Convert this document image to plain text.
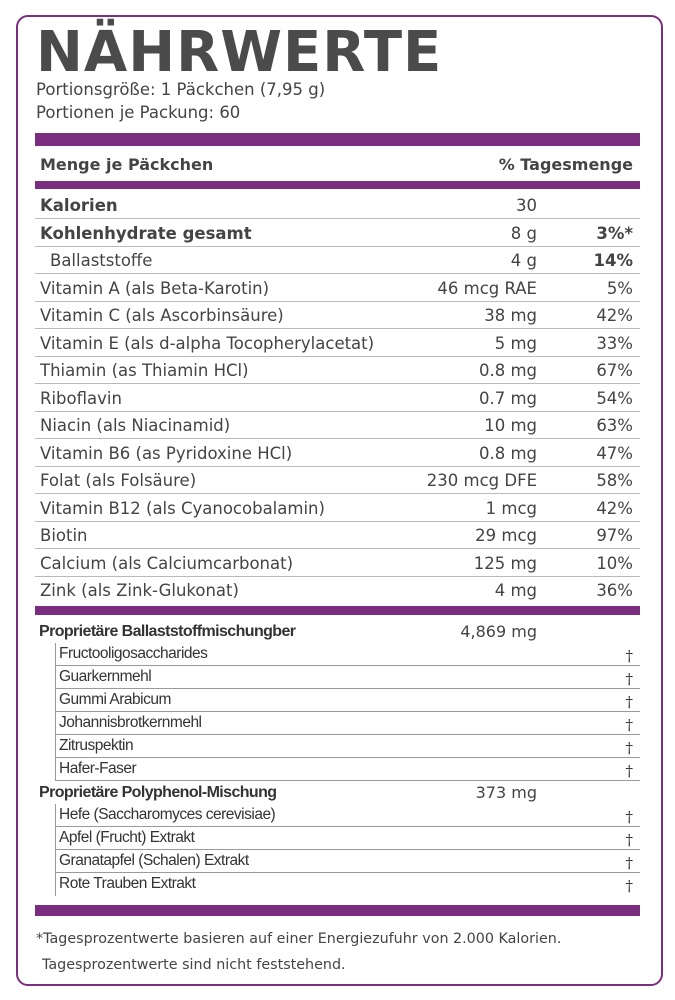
NÄHRWERTE
Portionsgröße: 1 Päckchen (7,95 g)
Portionen je Packung: 60
Menge je Päckchen	% Tagesmenge
Kalorien	30
Kohlenhydrate gesamt	8 g	3%*
Ballaststoffe	4 g	14%
Vitamin A (als Beta-Karotin)	46 mcg RAE	5%
Vitamin C (als Ascorbinsäure)	38 mg	42%
Vitamin E (als d-alpha Tocopherylacetat)	5 mg	33%
Thiamin (as Thiamin HCl)	0.8 mg	67%
Riboflavin	0.7 mg	54%
Niacin (als Niacinamid)	10 mg	63%
Vitamin B6 (as Pyridoxine HCl)	0.8 mg	47%
Folat (als Folsäure)	230 mcg DFE	58%
Vitamin B12 (als Cyanocobalamin)	1 mcg	42%
Biotin	29 mcg	97%
Calcium (als Calciumcarbonat)	125 mg	10%
Zink (als Zink-Glukonat)	4 mg	36%
Proprietäre Ballaststoffmischungber	4,869 mg
Fructooligosaccharides	†
Guarkernmehl	†
Gummi Arabicum	†
Johannisbrotkernmehl	†
Zitruspektin	†
Hafer-Faser	†
Proprietäre Polyphenol-Mischung	373 mg
Hefe (Saccharomyces cerevisiae)	†
Apfel (Frucht) Extrakt	†
Granatapfel (Schalen) Extrakt	†
Rote Trauben Extrakt	†
*Tagesprozentwerte basieren auf einer Energiezufuhr von 2.000 Kalorien.
Tagesprozentwerte sind nicht feststehend.
